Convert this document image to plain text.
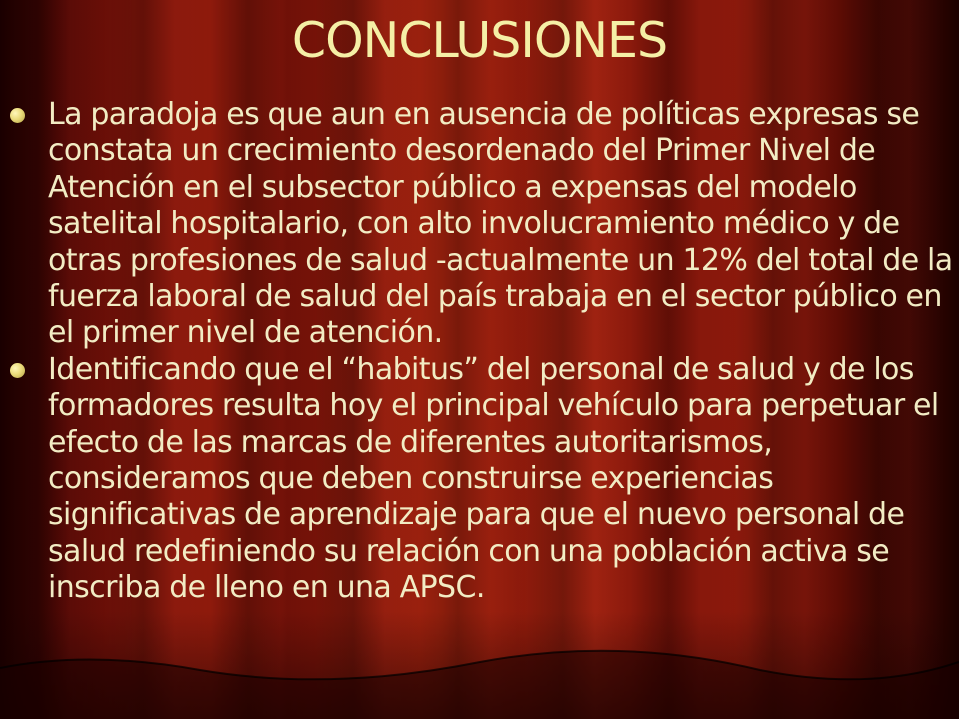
CONCLUSIONES
La paradoja es que aun en ausencia de políticas expresas se constata un crecimiento desordenado del Primer Nivel de Atención en el subsector público a expensas del modelo satelital hospitalario, con alto involucramiento médico y de otras profesiones de salud -actualmente un 12% del total de la fuerza laboral de salud del país trabaja en el sector público en el primer nivel de atención.
Identificando que el “habitus” del personal de salud y de los formadores resulta hoy el principal vehículo para perpetuar el efecto de las marcas de diferentes autoritarismos, consideramos que deben construirse experiencias significativas de aprendizaje para que el nuevo personal de salud redefiniendo su relación con una población activa se inscriba de lleno en una APSC.
